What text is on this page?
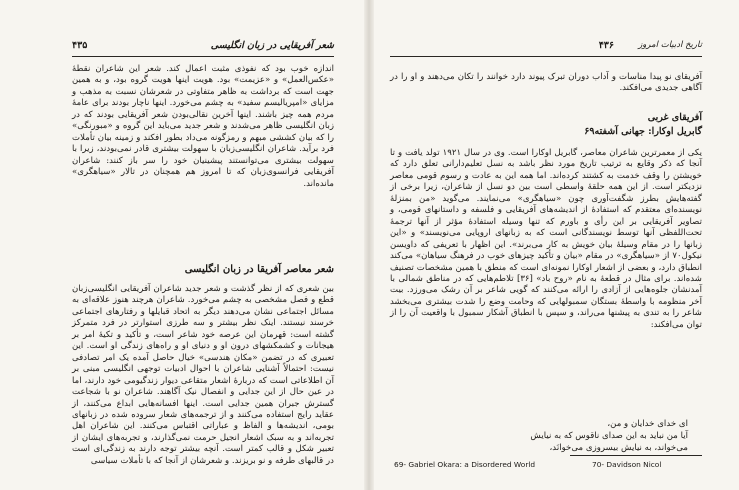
شعر آفریقایی در زبان انگلیسی
۴۳۵

اندازه خوب بود که نفوذی مثبت اعمال کند. شعر این شاعران نقطهٔ «عکس‌العمل» و «عزیمت» بود. هویت اینها هویت گروه بود، و به همین جهت است که برداشت به ظاهر متفاوتی در شعرشان نسبت به مذهب و مزایای «امپریالیسم سفید» به چشم می‌خورد. اینها ناچار بودند برای عامهٔ مردم همه چیز باشند. اینها آخرین نقالی‌بودن شعر آفریقایی بودند که در زبان انگلیسی ظاهر می‌شدند و شعر جدید می‌باید این گروه و «مبورنگی» را که بیان کششی مبهم و رمزگونه می‌داد بطور افکند و زمینه بیان تأملات فرد برآید. شاعران انگلیسی‌زبان با سهولت بیشتری قادر نمی‌بودند، زیرا با سهولت بیشتری می‌توانستند پیشینیان خود را سر باز کنند: شاعران آفریقایی فرانسوی‌زبان که تا امروز هم همچنان در تالار «سیاهگری» مانده‌اند.

شعر معاصر آفریقا در زبان انگلیسی

بین شعری که از نظر گذشت و شعر جدید شاعران آفریقایی انگلیسی‌زبان قطع و فصل مشخصی به چشم می‌خورد. شاعران هرچند هنوز علاقه‌ای به مسائل اجتماعی نشان می‌دهند دیگر به اتحاد قبایلها و رفتارهای اجتماعی خرسند نیستند. اینک نظر بیشتر و سه طرزی استوارتر در فرد متمرکز گشته است: قهرمان این عرصه خود شاعر است، و تأکید و تکیهٔ امر بر هیجانات و کشمکشهای درون او و دنیای او و راه‌های زندگی او است. این تعبیری که در تضمن «مکان هندسی» خیال حاصل آمده یک امر تصادفی نیست: احتمالاً آشنایی شاعران با احوال ادبیات توجهی انگلیسی مبنی بر آن اطلاعاتی است که درباره‌ٔ اشعار متقاعی دیوار زندگیومی خود دارند، اما در عین حال از این جدایی و انفصال نیک آگاهند. شاعران نو با شجاعت گسترش جبران همین جدایی است. اینها افسانه‌هایی ابداع می‌کنند، از عقاید رایج استفاده می‌کنند و از ترجمه‌های شعار سروده شده در زبانهای بومی، اندیشه‌ها و الفاظ و عباراتی اقتباس می‌کنند. این شاعران اهل تجربه‌اند و به سبک اشعار انجیل حرمت نمی‌گذارند، و تجربه‌های ایشان از تعبیر شکل و قالب کمتر است. آنچه بیشتر توجه دارند به زندگی‌ای است در قالبهای طرفه و نو بریزند. و شعرشان از آنجا که با تأملات سیاسی

تاریخ ادبیات امروز
۴۳۶

آفریقای نو پیدا مناسات و آداب دوران تبرک پیوند دارد خوانند را تکان می‌دهند و او را در آگاهی جدیدی می‌افکند.

آفریقای غربی
گابریل اوکارا: جهانی آشفته۶۹

یکی از معمرترین شاعران معاصر، گابریل اوکارا است. وی در سال ۱۹۲۱ تولد یافت و تا آنجا که ذکر وقایع به ترتیب تاریخ مورد نظر باشد به نسل تعلیم‌دارانی تعلق دارد که خویشتن را وقف خدمت به کشتند کرده‌اند. اما همه این به عادت و رسوم قومی معاصر نزدیکتر است. از این همه حلقهٔ واسطی است بین دو نسل از شاعران، زیرا برخی از گفته‌هایش بطرز شگفت‌آوری چون «سیاهگری» می‌نمایند. می‌گوید «من بمنزلهٔ نویسنده‌ای معتقدم که استفادهٔ از اندیشه‌های آفریقایی و فلسفه و داستانهای قومی، و تصاویر آفریقایی بر این رأی و باورم که تنها وسیله استفادهٔ مؤثر از آنها ترجمهٔ تحت‌اللفظی آنها توسط نویسندگانی است که به زبانهای اروپایی می‌نویسند» و «این زبانها را در مقام وسیلهٔ بیان خویش به کار می‌برند». این اظهار با تعریفی که داویسن نیکول۷۰ از «سیاهگری» در مقام «بیان و تأکید چیزهای خوب در فرهنگ سیاهان» می‌کند انطباق دارد، و بعضی از اشعار اوکارا نمونه‌ای است که منطق با همین مشخصات تصنیف شده‌اند. برای مثال در قطعهٔ به نام «روح باد» [۳۶] تلاطم‌هایی که در مناطق شمالی با آمدنشان جلوه‌هایی از آزادی را ارائه می‌کنند که گویی شاعر بر آن رشک می‌ورزد. بیت آخر منظومه با واسطهٔ بستگان سمبولهایی که وحامت وضع را شدت بیشتری می‌بخشد شاعر را به تندی به پیشنها می‌راند، و سپس با انطباق آشکار سمبول با واقعیت آن را از توان می‌افکند:

ای خدای خدایان و من،

آیا من نباید به این صدای ناقوس که به نیایش

می‌خواند، به نیایش بیسروزی می‌خوانَد،

69- Gabriel Okara: a Disordered World	70- Davidson Nicol
